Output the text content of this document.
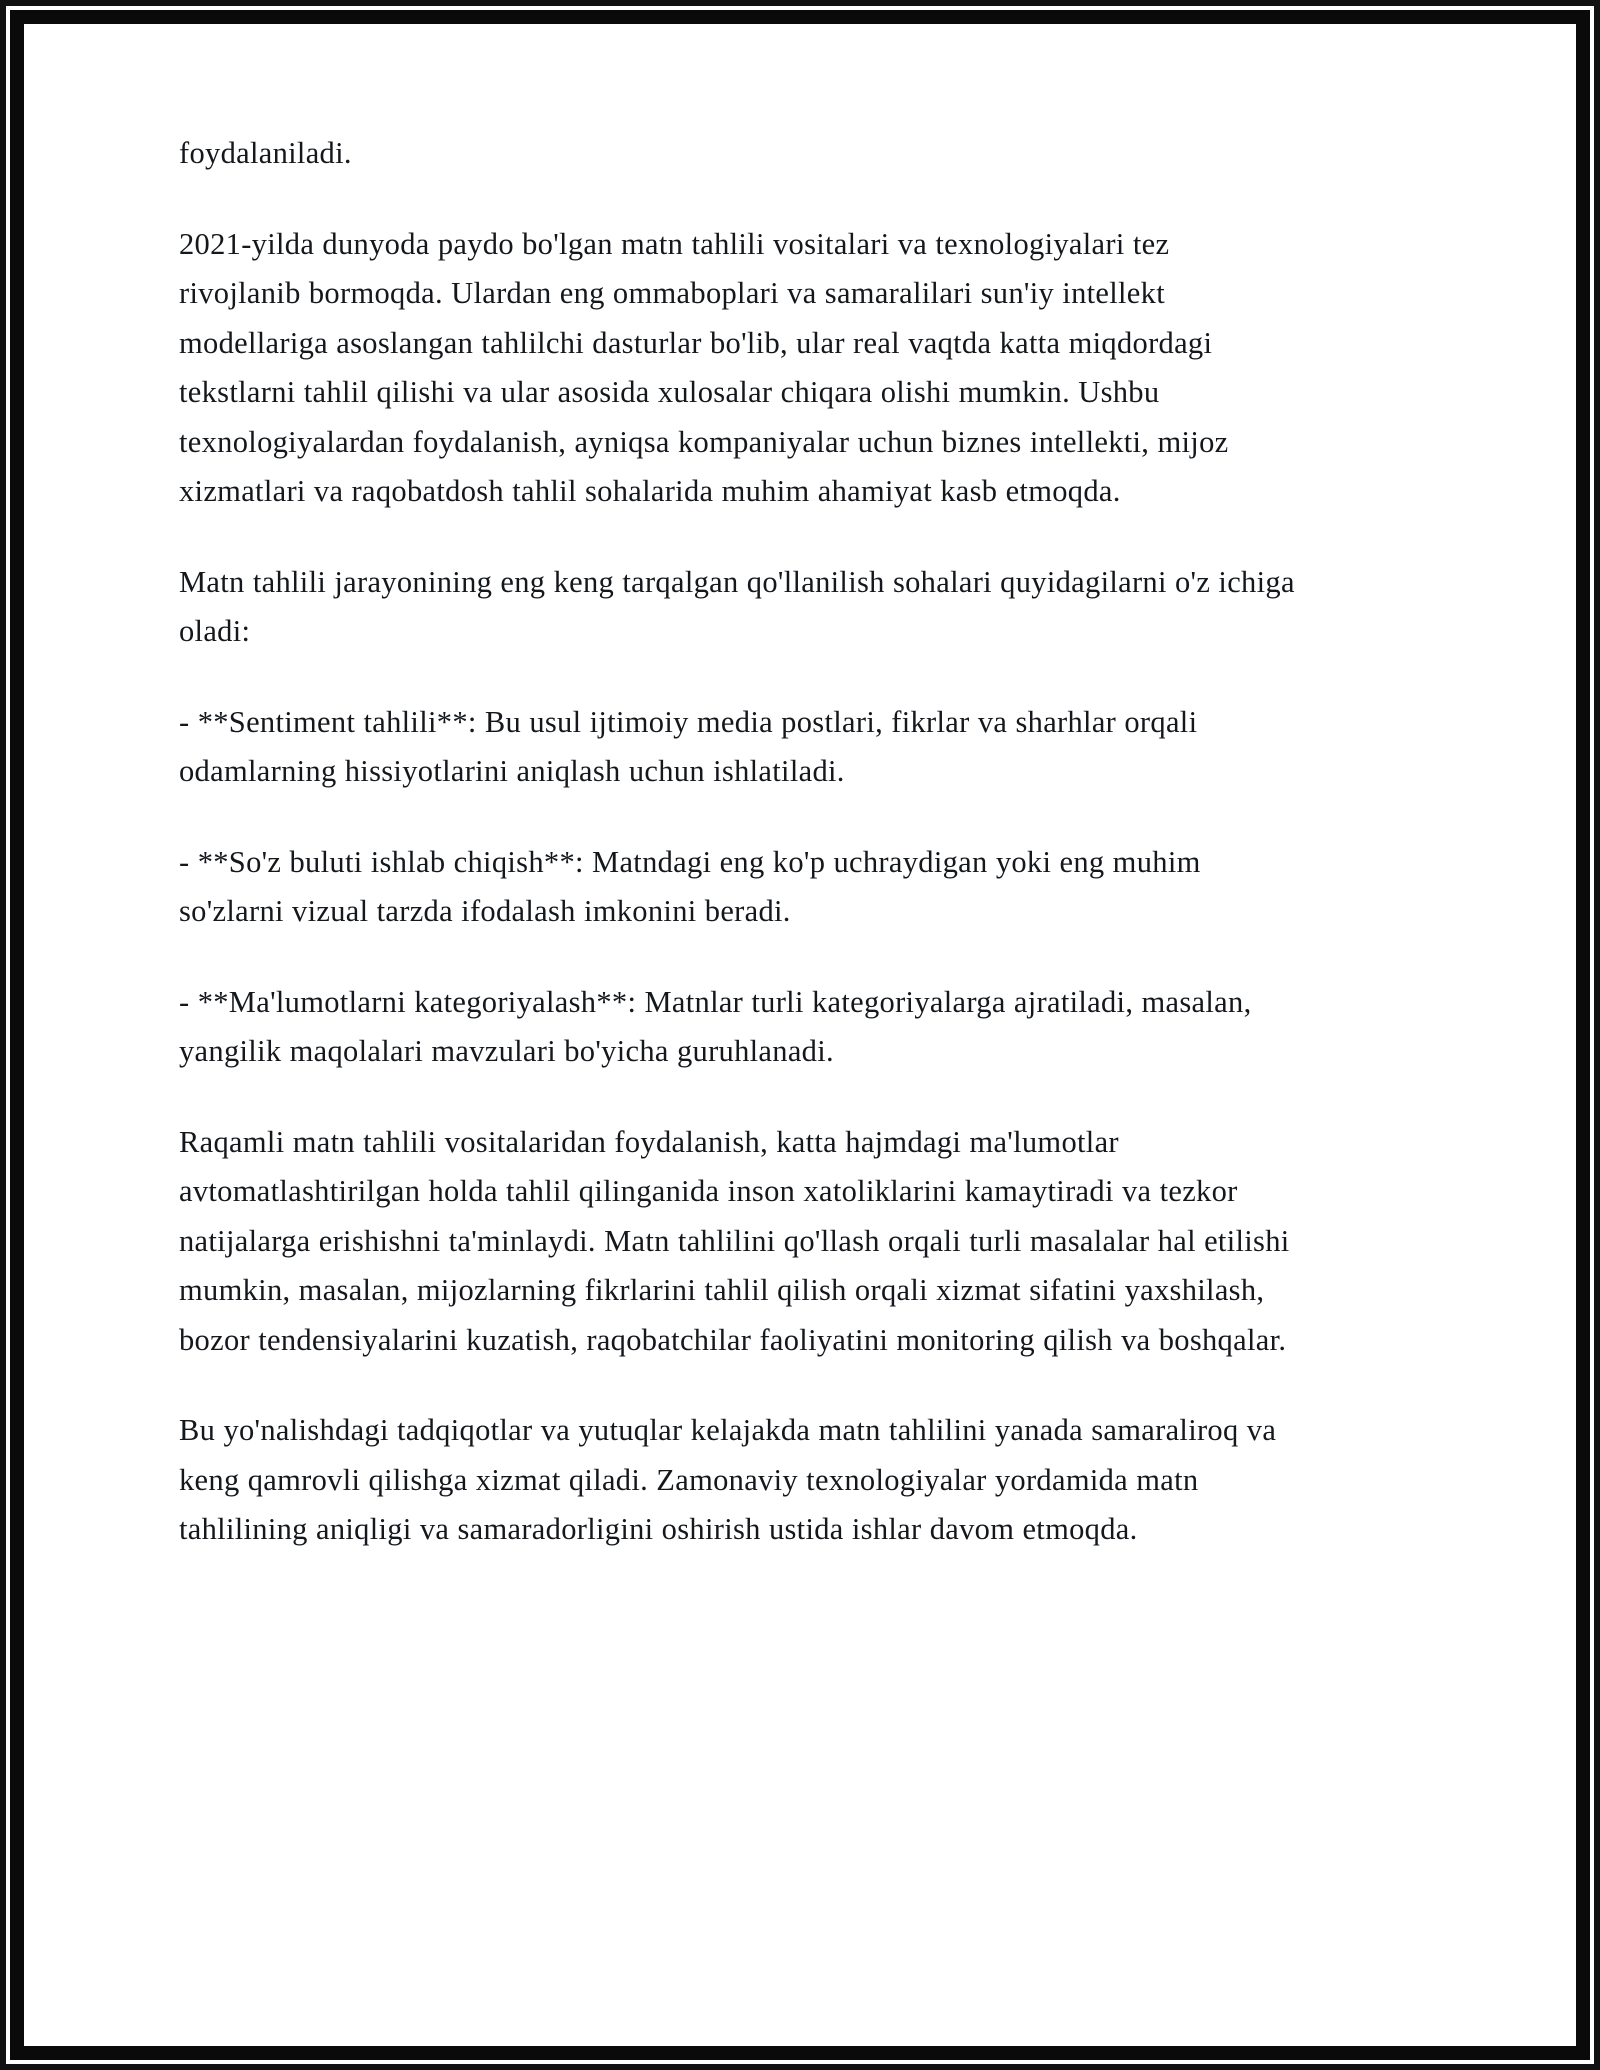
foydalaniladi.

2021-yilda dunyoda paydo bo'lgan matn tahlili vositalari va texnologiyalari tez rivojlanib bormoqda. Ulardan eng ommaboplari va samaralilari sun'iy intellekt modellariga asoslangan tahlilchi dasturlar bo'lib, ular real vaqtda katta miqdordagi tekstlarni tahlil qilishi va ular asosida xulosalar chiqara olishi mumkin. Ushbu texnologiyalardan foydalanish, ayniqsa kompaniyalar uchun biznes intellekti, mijoz xizmatlari va raqobatdosh tahlil sohalarida muhim ahamiyat kasb etmoqda.

Matn tahlili jarayonining eng keng tarqalgan qo'llanilish sohalari quyidagilarni o'z ichiga oladi:

- **Sentiment tahlili**: Bu usul ijtimoiy media postlari, fikrlar va sharhlar orqali odamlarning hissiyotlarini aniqlash uchun ishlatiladi.

- **So'z buluti ishlab chiqish**: Matndagi eng ko'p uchraydigan yoki eng muhim so'zlarni vizual tarzda ifodalash imkonini beradi.

- **Ma'lumotlarni kategoriyalash**: Matnlar turli kategoriyalarga ajratiladi, masalan, yangilik maqolalari mavzulari bo'yicha guruhlanadi.

Raqamli matn tahlili vositalaridan foydalanish, katta hajmdagi ma'lumotlar avtomatlashtirilgan holda tahlil qilinganida inson xatoliklarini kamaytiradi va tezkor natijalarga erishishni ta'minlaydi. Matn tahlilini qo'llash orqali turli masalalar hal etilishi mumkin, masalan, mijozlarning fikrlarini tahlil qilish orqali xizmat sifatini yaxshilash, bozor tendensiyalarini kuzatish, raqobatchilar faoliyatini monitoring qilish va boshqalar.

Bu yo'nalishdagi tadqiqotlar va yutuqlar kelajakda matn tahlilini yanada samaraliroq va keng qamrovli qilishga xizmat qiladi. Zamonaviy texnologiyalar yordamida matn tahlilining aniqligi va samaradorligini oshirish ustida ishlar davom etmoqda.
